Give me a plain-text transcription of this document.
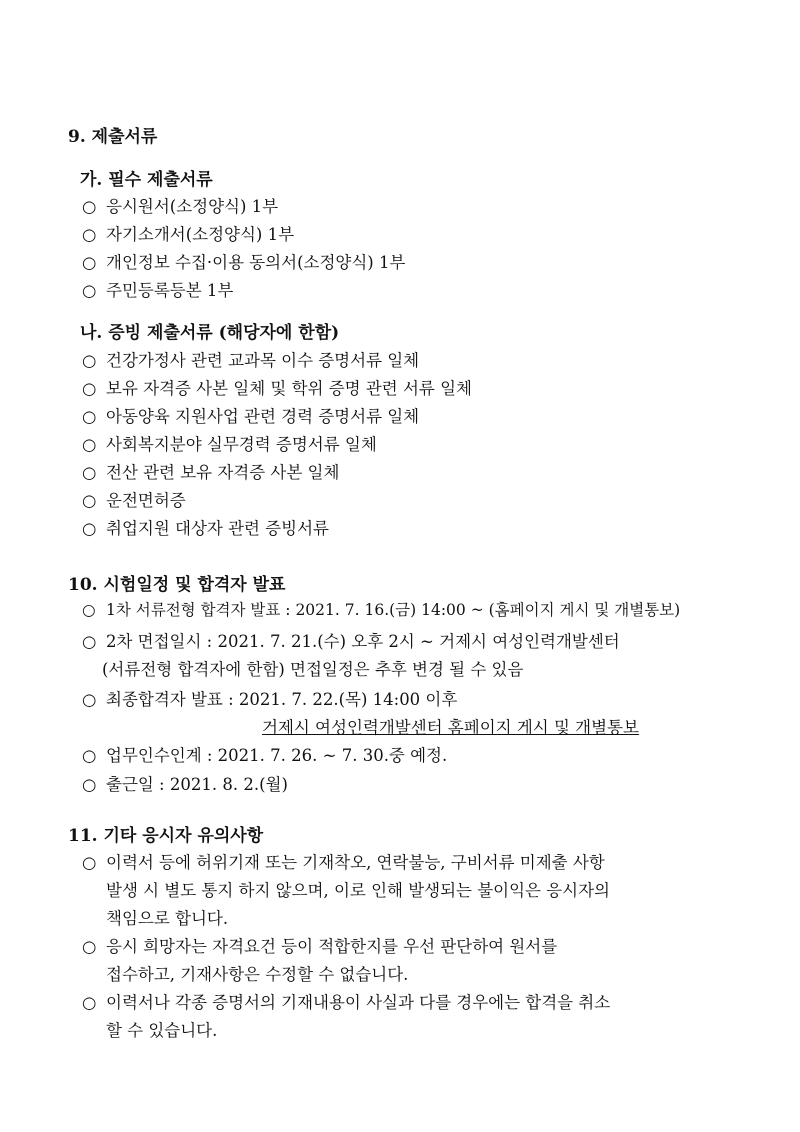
9. 제출서류
가. 필수 제출서류
○ 응시원서(소정양식) 1부
○ 자기소개서(소정양식) 1부
○ 개인정보 수집·이용 동의서(소정양식) 1부
○ 주민등록등본 1부
나. 증빙 제출서류 (해당자에 한함)
○ 건강가정사 관련 교과목 이수 증명서류 일체
○ 보유 자격증 사본 일체 및 학위 증명 관련 서류 일체
○ 아동양육 지원사업 관련 경력 증명서류 일체
○ 사회복지분야 실무경력 증명서류 일체
○ 전산 관련 보유 자격증 사본 일체
○ 운전면허증
○ 취업지원 대상자 관련 증빙서류
10. 시험일정 및 합격자 발표
○ 1차 서류전형 합격자 발표 : 2021. 7. 16.(금) 14:00 ~ (홈페이지 게시 및 개별통보)
○ 2차 면접일시 : 2021. 7. 21.(수) 오후 2시 ~ 거제시 여성인력개발센터
(서류전형 합격자에 한함) 면접일정은 추후 변경 될 수 있음
○ 최종합격자 발표 : 2021. 7. 22.(목) 14:00 이후
거제시 여성인력개발센터 홈페이지 게시 및 개별통보
○ 업무인수인계 : 2021. 7. 26. ~ 7. 30.중 예정.
○ 출근일 : 2021. 8. 2.(월)
11. 기타 응시자 유의사항
○ 이력서 등에 허위기재 또는 기재착오, 연락불능, 구비서류 미제출 사항
발생 시 별도 통지 하지 않으며, 이로 인해 발생되는 불이익은 응시자의
책임으로 합니다.
○ 응시 희망자는 자격요건 등이 적합한지를 우선 판단하여 원서를
접수하고, 기재사항은 수정할 수 없습니다.
○ 이력서나 각종 증명서의 기재내용이 사실과 다를 경우에는 합격을 취소
할 수 있습니다.
